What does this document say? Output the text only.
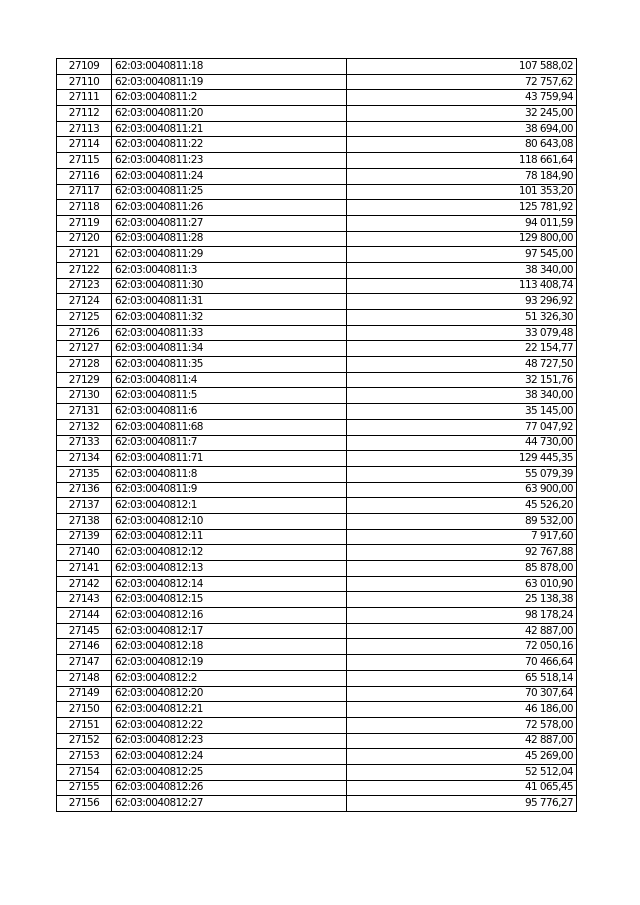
27109	62:03:0040811:18	107 588,02
27110	62:03:0040811:19	72 757,62
27111	62:03:0040811:2	43 759,94
27112	62:03:0040811:20	32 245,00
27113	62:03:0040811:21	38 694,00
27114	62:03:0040811:22	80 643,08
27115	62:03:0040811:23	118 661,64
27116	62:03:0040811:24	78 184,90
27117	62:03:0040811:25	101 353,20
27118	62:03:0040811:26	125 781,92
27119	62:03:0040811:27	94 011,59
27120	62:03:0040811:28	129 800,00
27121	62:03:0040811:29	97 545,00
27122	62:03:0040811:3	38 340,00
27123	62:03:0040811:30	113 408,74
27124	62:03:0040811:31	93 296,92
27125	62:03:0040811:32	51 326,30
27126	62:03:0040811:33	33 079,48
27127	62:03:0040811:34	22 154,77
27128	62:03:0040811:35	48 727,50
27129	62:03:0040811:4	32 151,76
27130	62:03:0040811:5	38 340,00
27131	62:03:0040811:6	35 145,00
27132	62:03:0040811:68	77 047,92
27133	62:03:0040811:7	44 730,00
27134	62:03:0040811:71	129 445,35
27135	62:03:0040811:8	55 079,39
27136	62:03:0040811:9	63 900,00
27137	62:03:0040812:1	45 526,20
27138	62:03:0040812:10	89 532,00
27139	62:03:0040812:11	7 917,60
27140	62:03:0040812:12	92 767,88
27141	62:03:0040812:13	85 878,00
27142	62:03:0040812:14	63 010,90
27143	62:03:0040812:15	25 138,38
27144	62:03:0040812:16	98 178,24
27145	62:03:0040812:17	42 887,00
27146	62:03:0040812:18	72 050,16
27147	62:03:0040812:19	70 466,64
27148	62:03:0040812:2	65 518,14
27149	62:03:0040812:20	70 307,64
27150	62:03:0040812:21	46 186,00
27151	62:03:0040812:22	72 578,00
27152	62:03:0040812:23	42 887,00
27153	62:03:0040812:24	45 269,00
27154	62:03:0040812:25	52 512,04
27155	62:03:0040812:26	41 065,45
27156	62:03:0040812:27	95 776,27
